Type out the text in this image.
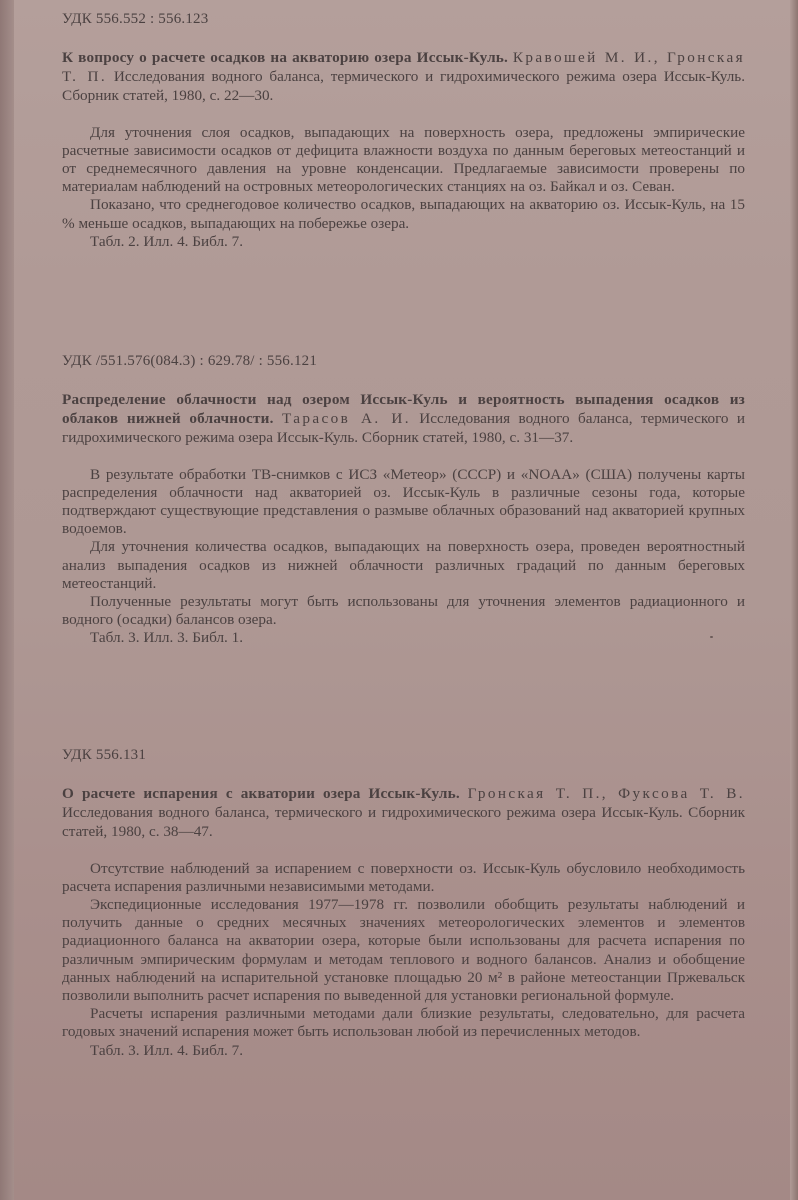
УДК 556.552 : 556.123
К вопросу о расчете осадков на акваторию озера Иссык-Куль. Кравошей М. И., Гронская Т. П. Исследования водного баланса, термического и гидрохимического режима озера Иссык-Куль. Сборник статей, 1980, с. 22—30.

Для уточнения слоя осадков, выпадающих на поверхность озера, предложены эмпирические расчетные зависимости осадков от дефицита влажности воздуха по данным береговых метеостанций и от среднемесячного давления на уровне конденсации. Предлагаемые зависимости проверены по материалам наблюдений на островных метеорологических станциях на оз. Байкал и оз. Севан.

Показано, что среднегодовое количество осадков, выпадающих на акваторию оз. Иссык-Куль, на 15 % меньше осадков, выпадающих на побережье озера.

Табл. 2. Илл. 4. Библ. 7.

УДК /551.576(084.3) : 629.78/ : 556.121
Распределение облачности над озером Иссык-Куль и вероятность выпадения осадков из облаков нижней облачности. Тарасов А. И. Исследования водного баланса, термического и гидрохимического режима озера Иссык-Куль. Сборник статей, 1980, с. 31—37.

В результате обработки ТВ-снимков с ИСЗ «Метеор» (СССР) и «NOAA» (США) получены карты распределения облачности над акваторией оз. Иссык-Куль в различные сезоны года, которые подтверждают существующие представления о размыве облачных образований над акваторией крупных водоемов.

Для уточнения количества осадков, выпадающих на поверхность озера, проведен вероятностный анализ выпадения осадков из нижней облачности различных градаций по данным береговых метеостанций.

Полученные результаты могут быть использованы для уточнения элементов радиационного и водного (осадки) балансов озера.

Табл. 3. Илл. 3. Библ. 1.

УДК 556.131
О расчете испарения с акватории озера Иссык-Куль. Гронская Т. П., Фуксова Т. В. Исследования водного баланса, термического и гидрохимического режима озера Иссык-Куль. Сборник статей, 1980, с. 38—47.

Отсутствие наблюдений за испарением с поверхности оз. Иссык-Куль обусловило необходимость расчета испарения различными независимыми методами.

Экспедиционные исследования 1977—1978 гг. позволили обобщить результаты наблюдений и получить данные о средних месячных значениях метеорологических элементов и элементов радиационного баланса на акватории озера, которые были использованы для расчета испарения по различным эмпирическим формулам и методам теплового и водного балансов. Анализ и обобщение данных наблюдений на испарительной установке площадью 20 м² в районе метеостанции Пржевальск позволили выполнить расчет испарения по выведенной для установки региональной формуле.

Расчеты испарения различными методами дали близкие результаты, следовательно, для расчета годовых значений испарения может быть использован любой из перечисленных методов.

Табл. 3. Илл. 4. Библ. 7.
